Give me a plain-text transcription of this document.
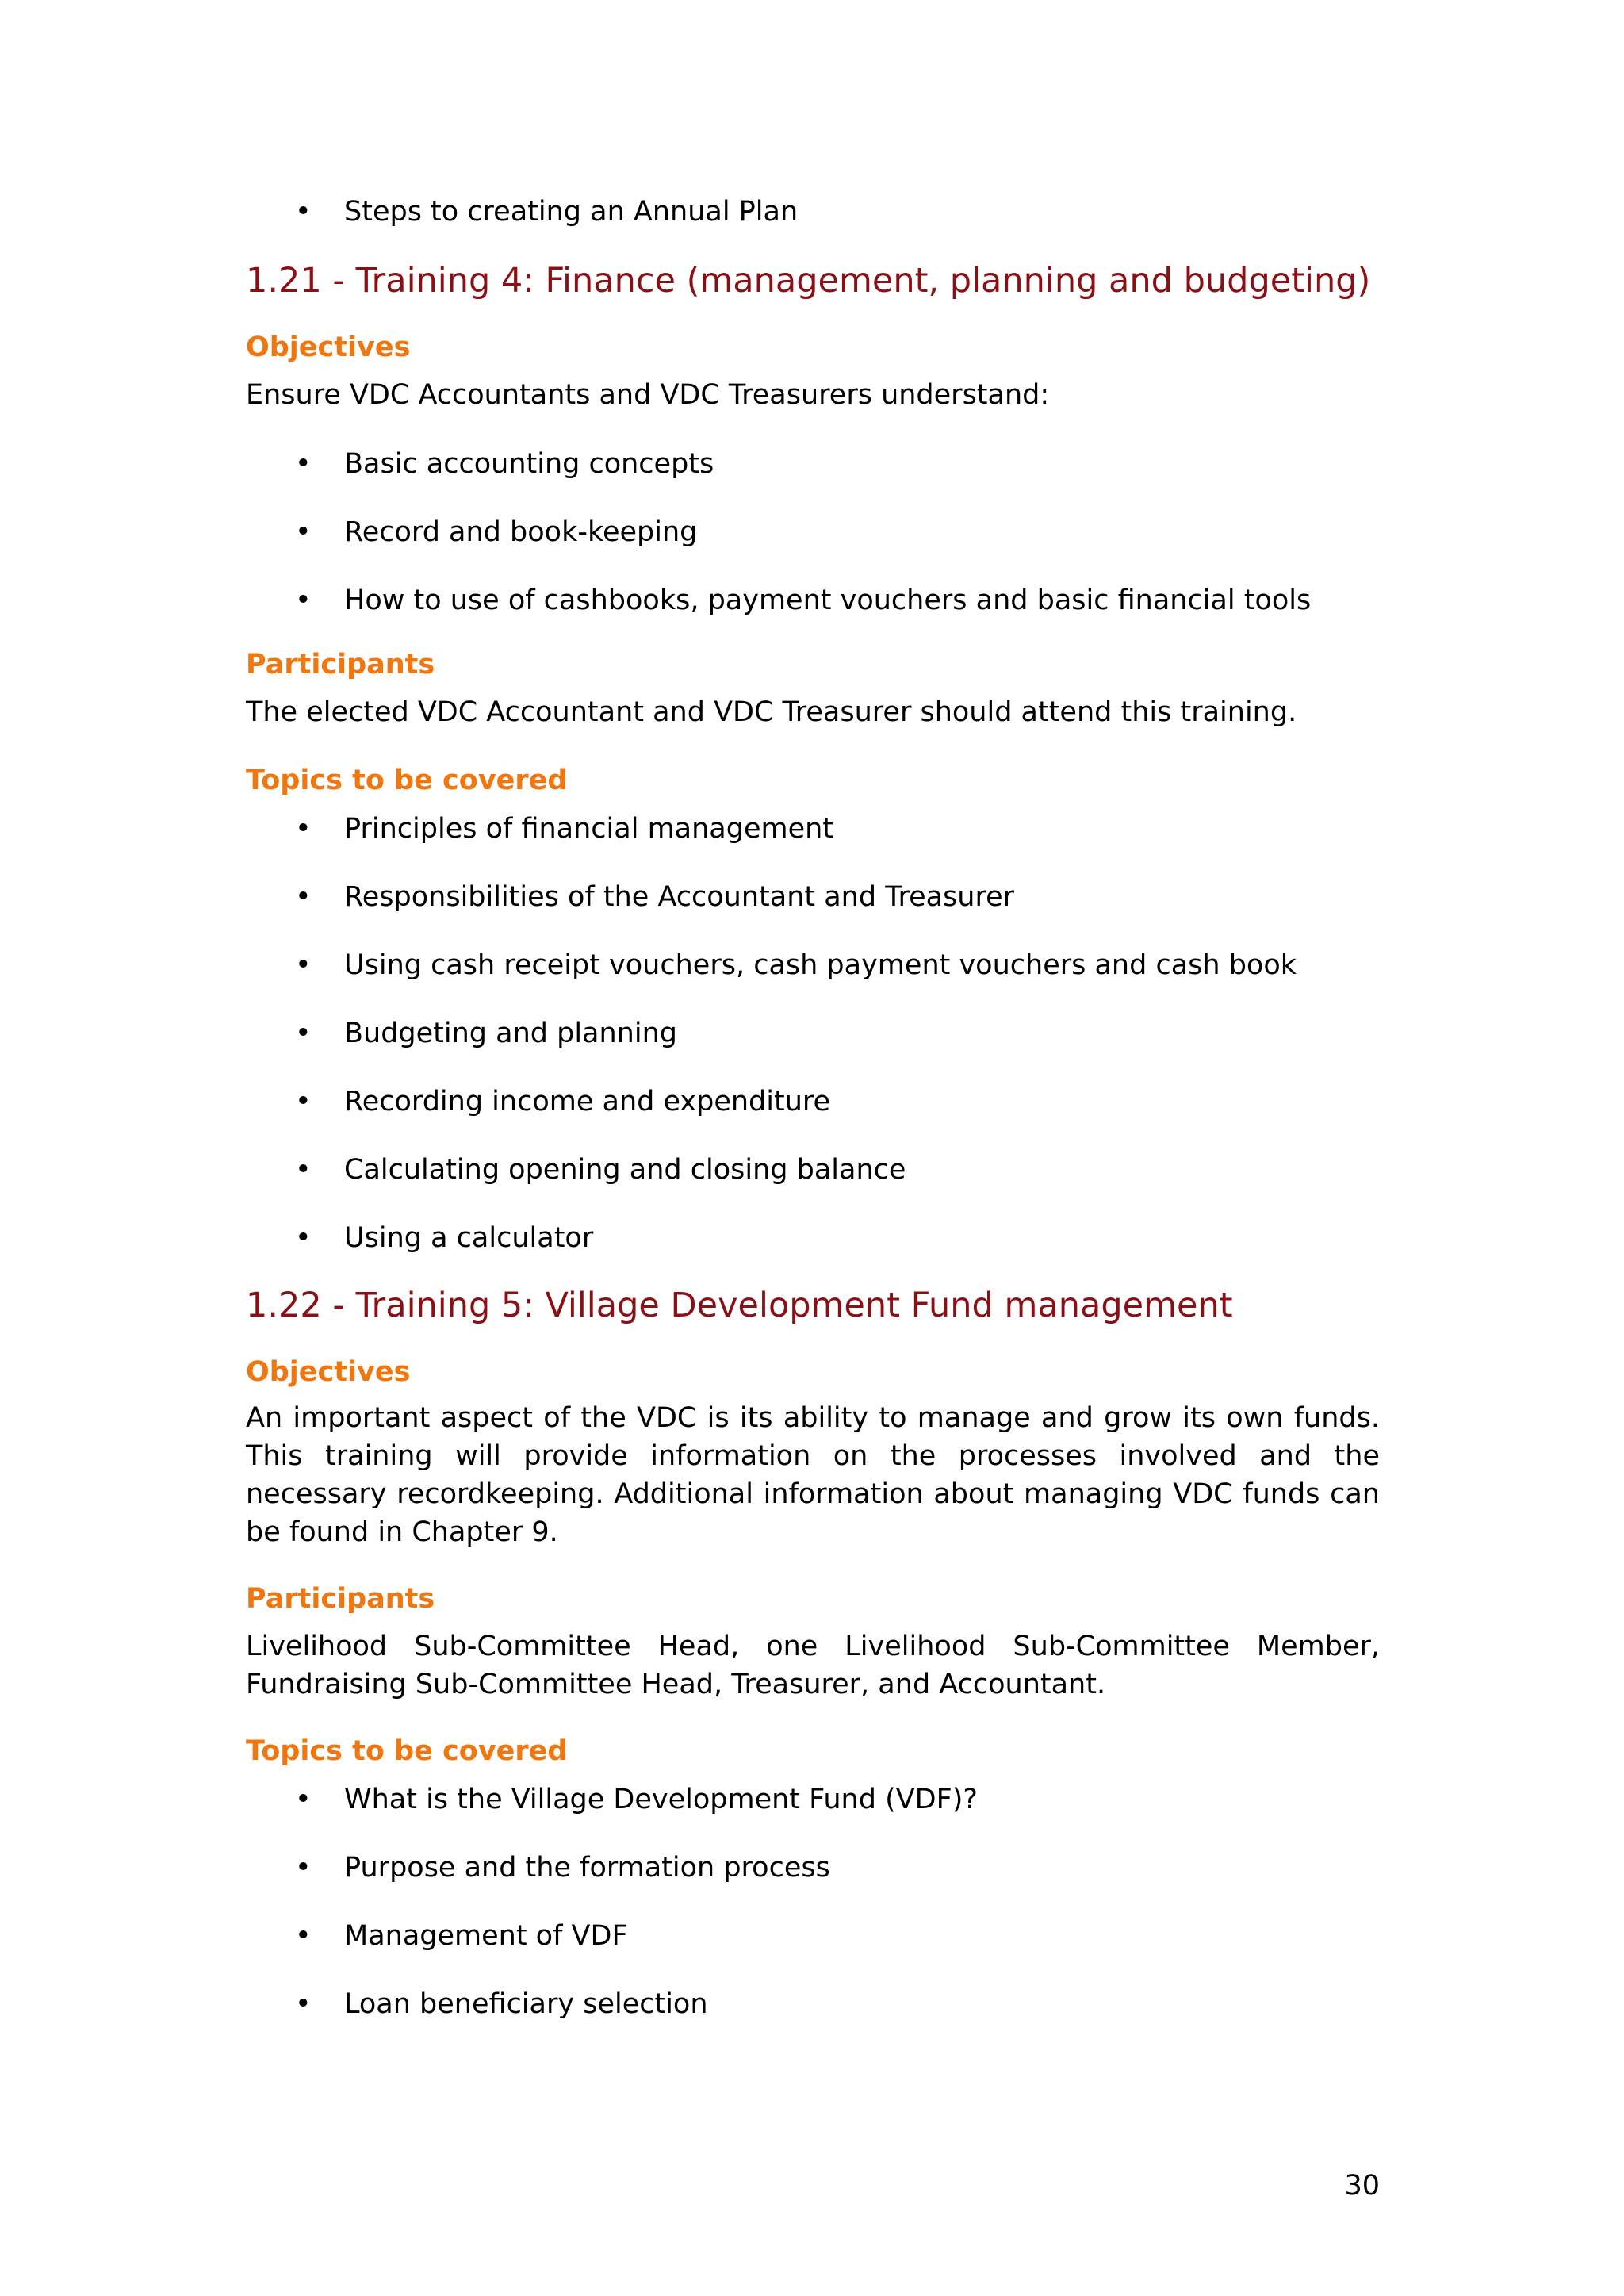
• Steps to creating an Annual Plan
1.21 - Training 4: Finance (management, planning and budgeting)
Objectives

Ensure VDC Accountants and VDC Treasurers understand:

• Basic accounting concepts
• Record and book-keeping
• How to use of cashbooks, payment vouchers and basic financial tools
Participants

The elected VDC Accountant and VDC Treasurer should attend this training.

Topics to be covered
• Principles of financial management
• Responsibilities of the Accountant and Treasurer
• Using cash receipt vouchers, cash payment vouchers and cash book
• Budgeting and planning
• Recording income and expenditure
• Calculating opening and closing balance
• Using a calculator
1.22 - Training 5: Village Development Fund management
Objectives

An important aspect of the VDC is its ability to manage and grow its own funds. This training will provide information on the processes involved and the necessary recordkeeping. Additional information about managing VDC funds can be found in Chapter 9.

Participants

Livelihood Sub-Committee Head, one Livelihood Sub-Committee Member, Fundraising Sub-Committee Head, Treasurer, and Accountant.

Topics to be covered
• What is the Village Development Fund (VDF)?
• Purpose and the formation process
• Management of VDF
• Loan beneficiary selection
30
